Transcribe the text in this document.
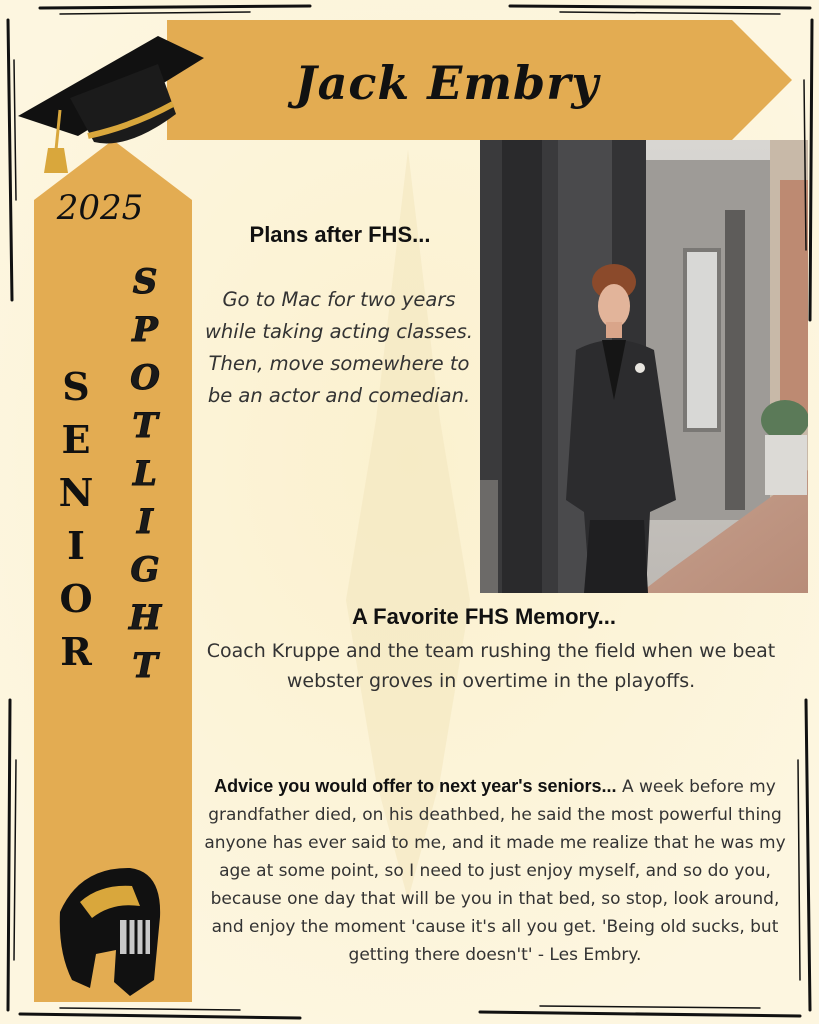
Jack Embry
2025
S
E
N
I
O
R
S
P
O
T
L
I
G
H
T
Plans after FHS...
Go to Mac for two years while taking acting classes. Then, move somewhere to be an actor and comedian.
A Favorite FHS Memory...
Coach Kruppe and the team rushing the field when we beat webster groves in overtime in the playoffs.
Advice you would offer to next year's seniors... A week before my grandfather died, on his deathbed, he said the most powerful thing anyone has ever said to me, and it made me realize that he was my age at some point, so I need to just enjoy myself, and so do you, because one day that will be you in that bed, so stop, look around, and enjoy the moment 'cause it's all you get. 'Being old sucks, but getting there doesn't' - Les Embry.
